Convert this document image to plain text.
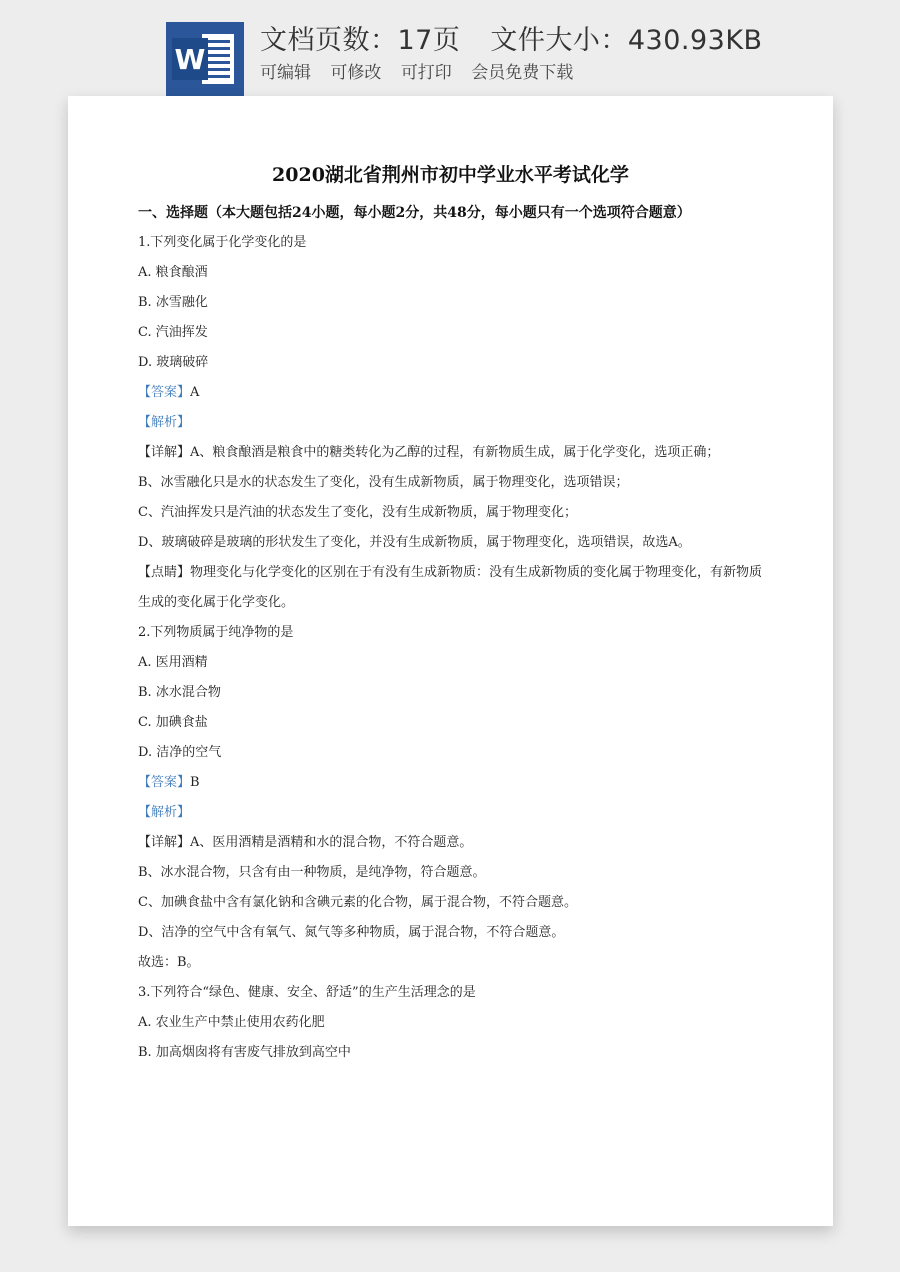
W
文档页数：17页 文件大小：430.93KB
可编辑 可修改 可打印 会员免费下载
2020湖北省荆州市初中学业水平考试化学
一、选择题（本大题包括24小题，每小题2分，共48分，每小题只有一个选项符合题意）
1.下列变化属于化学变化的是
A. 粮食酿酒
B. 冰雪融化
C. 汽油挥发
D. 玻璃破碎
【答案】A
【解析】
【详解】A、粮食酿酒是粮食中的糖类转化为乙醇的过程，有新物质生成，属于化学变化，选项正确；
B、冰雪融化只是水的状态发生了变化，没有生成新物质，属于物理变化，选项错误；
C、汽油挥发只是汽油的状态发生了变化，没有生成新物质，属于物理变化；
D、玻璃破碎是玻璃的形状发生了变化，并没有生成新物质，属于物理变化，选项错误，故选A。
【点睛】物理变化与化学变化的区别在于有没有生成新物质：没有生成新物质的变化属于物理变化，有新物质生成的变化属于化学变化。
2.下列物质属于纯净物的是
A. 医用酒精
B. 冰水混合物
C. 加碘食盐
D. 洁净的空气
【答案】B
【解析】
【详解】A、医用酒精是酒精和水的混合物，不符合题意。
B、冰水混合物，只含有由一种物质，是纯净物，符合题意。
C、加碘食盐中含有氯化钠和含碘元素的化合物，属于混合物，不符合题意。
D、洁净的空气中含有氧气、氮气等多种物质，属于混合物，不符合题意。
故选：B。
3.下列符合“绿色、健康、安全、舒适”的生产生活理念的是
A. 农业生产中禁止使用农药化肥
B. 加高烟囱将有害废气排放到高空中
